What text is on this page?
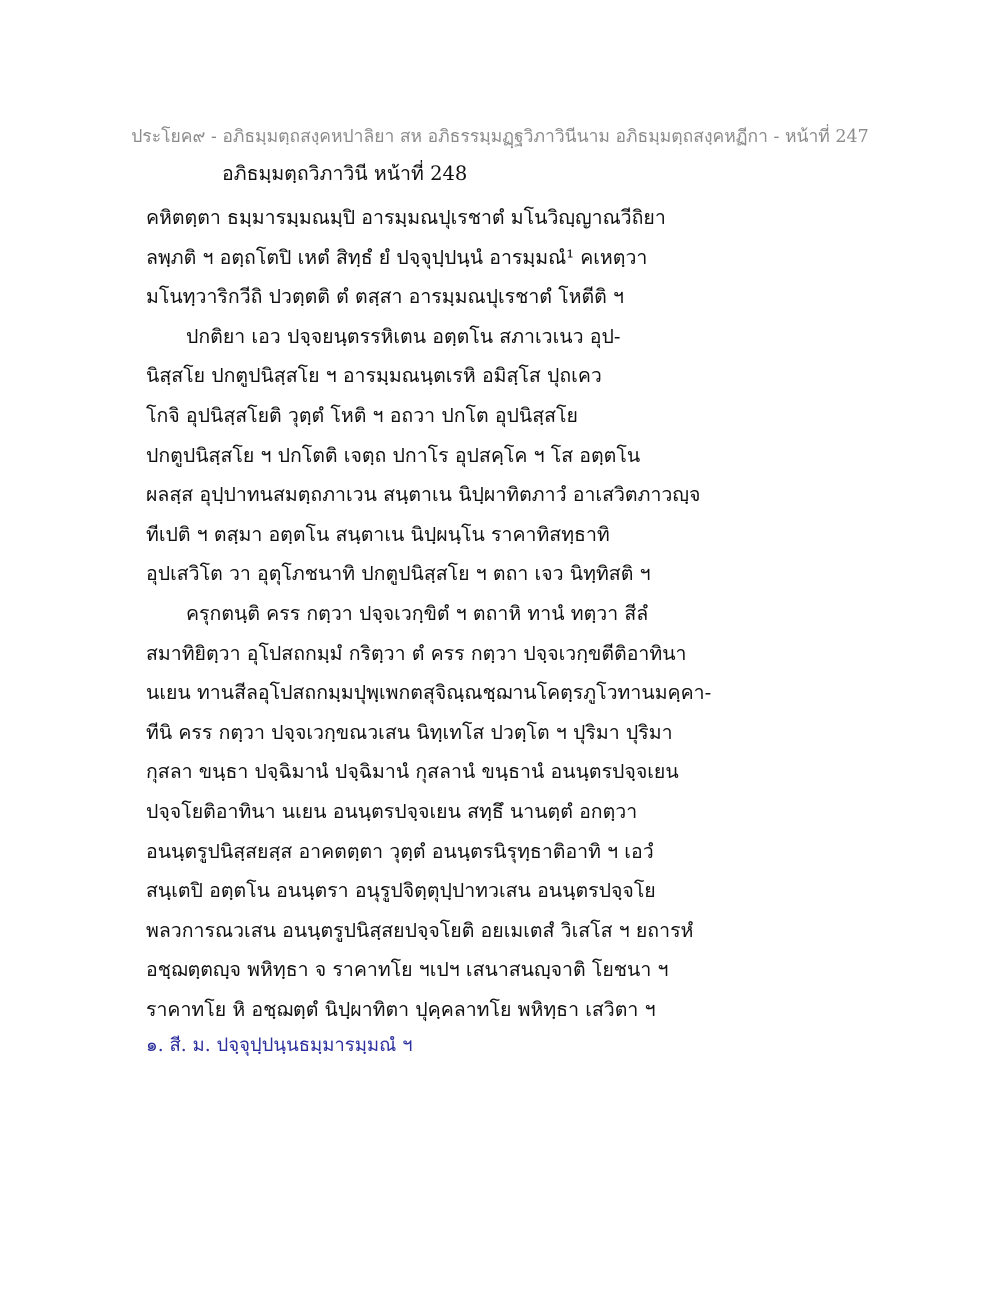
ประโยค๙ - อภิธมฺมตฺถสงฺคหปาลิยา สห อภิธรรมฺมฏฺฐวิภาวินีนาม อภิธมฺมตฺถสงฺคหฏีกา - หน้าที่ 247
อภิธมฺมตฺถวิภาวินี หน้าที่ 248
คหิตตฺตา ธมฺมารมฺมณมฺปิ อารมฺมณปุเรชาตํ มโนวิญฺญาณวีถิยา
ลพฺภติ ฯ อตฺถโตปิ เหตํ สิทฺธํ ยํ ปจฺจุปฺปนฺนํ อารมฺมณํ¹ คเหตฺวา
มโนทฺวาริกวีถิ ปวตฺตติ ตํ ตสฺสา อารมฺมณปุเรชาตํ โหตีติ ฯ
ปกติยา เอว ปจฺจยนฺตรรหิเตน อตฺตโน สภาเวเนว อุป-
นิสฺสโย ปกตูปนิสฺสโย ฯ อารมฺมณนฺตเรหิ อมิสฺโส ปุถเคว
โกจิ อุปนิสฺสโยติ วุตฺตํ โหติ ฯ อถวา ปกโต อุปนิสฺสโย
ปกตูปนิสฺสโย ฯ ปกโตติ เจตฺถ ปกาโร อุปสคฺโค ฯ โส อตฺตโน
ผลสฺส อุปฺปาทนสมตฺถภาเวน สนฺตาเน นิปฺผาทิตภาวํ อาเสวิตภาวญฺจ
ทีเปติ ฯ ตสฺมา อตฺตโน สนฺตาเน นิปฺผนฺโน ราคาทิสทฺธาทิ
อุปเสวิโต วา อุตุโภชนาทิ ปกตูปนิสฺสโย ฯ ตถา เจว นิทฺทิสติ ฯ
ครุกตนฺติ ครร กตฺวา ปจฺจเวกฺขิตํ ฯ ตถาหิ ทานํ ทตฺวา สีลํ
สมาทิยิตฺวา อุโปสถกมฺมํ กริตฺวา ตํ ครร กตฺวา ปจฺจเวกฺขตีติอาทินา
นเยน ทานสีลอุโปสถกมฺมปุพฺเพกตสุจิณฺณชฺฌานโคตฺรภูโวทานมคฺคา-
ทีนิ ครร กตฺวา ปจฺจเวกฺขณวเสน นิทฺเทโส ปวตฺโต ฯ ปุริมา ปุริมา
กุสลา ขนฺธา ปจฺฉิมานํ ปจฺฉิมานํ กุสลานํ ขนฺธานํ อนนฺตรปจฺจเยน
ปจฺจโยติอาทินา นเยน อนนฺตรปจฺจเยน สทฺธึ นานตฺตํ อกตฺวา
อนนฺตรูปนิสฺสยสฺส อาคตตฺตา วุตฺตํ อนนฺตรนิรุทฺธาติอาทิ ฯ เอวํ
สนฺเตปิ อตฺตโน อนนฺตรา อนุรูปจิตฺตุปฺปาทวเสน อนนฺตรปจฺจโย
พลวการณวเสน อนนฺตรูปนิสฺสยปจฺจโยติ อยเมเตสํ วิเสโส ฯ ยถารหํ
อชฺฌตฺตญฺจ พหิทฺธา จ ราคาทโย ฯเปฯ เสนาสนญฺจาติ โยชนา ฯ
ราคาทโย หิ อชฺฌตฺตํ นิปฺผาทิตา ปุคฺคลาทโย พหิทฺธา เสวิตา ฯ
๑. สี. ม. ปจฺจุปฺปนฺนธมฺมารมฺมณํ ฯ
